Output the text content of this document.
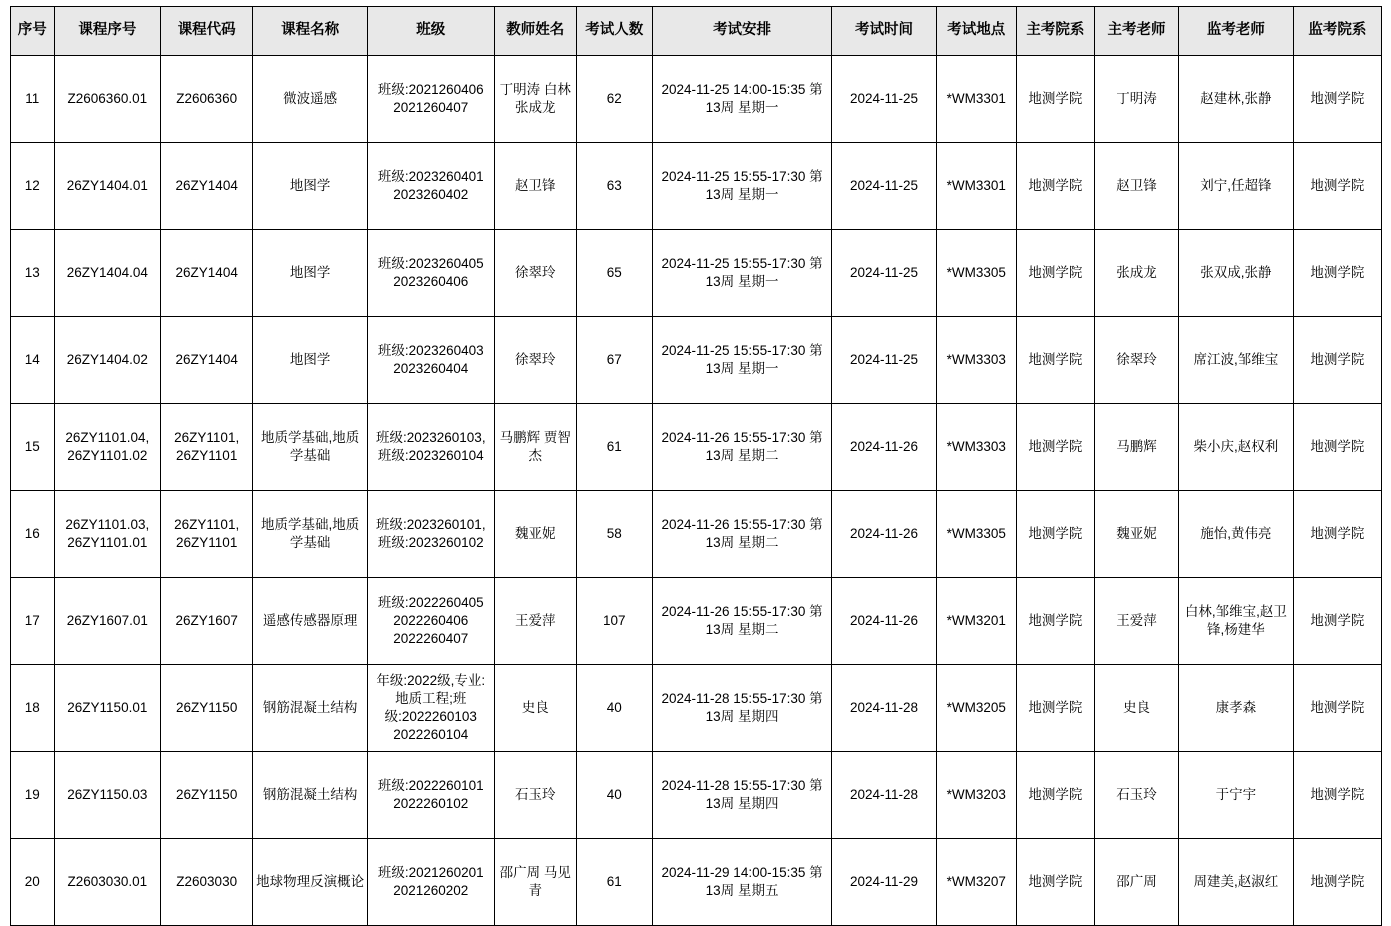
序号	课程序号	课程代码	课程名称	班级	教师姓名	考试人数	考试安排	考试时间	考试地点	主考院系	主考老师	监考老师	监考院系
11	Z2606360.01	Z2606360	微波遥感	班级:2021260406 2021260407	丁明涛 白林 张成龙	62	2024-11-25 14:00-15:35 第13周 星期一	2024-11-25	*WM3301	地测学院	丁明涛	赵建林,张静	地测学院
12	26ZY1404.01	26ZY1404	地图学	班级:2023260401 2023260402	赵卫锋	63	2024-11-25 15:55-17:30 第13周 星期一	2024-11-25	*WM3301	地测学院	赵卫锋	刘宁,任超锋	地测学院
13	26ZY1404.04	26ZY1404	地图学	班级:2023260405 2023260406	徐翠玲	65	2024-11-25 15:55-17:30 第13周 星期一	2024-11-25	*WM3305	地测学院	张成龙	张双成,张静	地测学院
14	26ZY1404.02	26ZY1404	地图学	班级:2023260403 2023260404	徐翠玲	67	2024-11-25 15:55-17:30 第13周 星期一	2024-11-25	*WM3303	地测学院	徐翠玲	席江波,邹维宝	地测学院
15	26ZY1101.04, 26ZY1101.02	26ZY1101, 26ZY1101	地质学基础,地质学基础	班级:2023260103,班级:2023260104	马鹏辉 贾智杰	61	2024-11-26 15:55-17:30 第13周 星期二	2024-11-26	*WM3303	地测学院	马鹏辉	柴小庆,赵权利	地测学院
16	26ZY1101.03, 26ZY1101.01	26ZY1101, 26ZY1101	地质学基础,地质学基础	班级:2023260101,班级:2023260102	魏亚妮	58	2024-11-26 15:55-17:30 第13周 星期二	2024-11-26	*WM3305	地测学院	魏亚妮	施怡,黄伟亮	地测学院
17	26ZY1607.01	26ZY1607	遥感传感器原理	班级:2022260405 2022260406 2022260407	王爱萍	107	2024-11-26 15:55-17:30 第13周 星期二	2024-11-26	*WM3201	地测学院	王爱萍	白林,邹维宝,赵卫锋,杨建华	地测学院
18	26ZY1150.01	26ZY1150	钢筋混凝土结构	年级:2022级,专业:地质工程;班级:2022260103 2022260104	史良	40	2024-11-28 15:55-17:30 第13周 星期四	2024-11-28	*WM3205	地测学院	史良	康孝森	地测学院
19	26ZY1150.03	26ZY1150	钢筋混凝土结构	班级:2022260101 2022260102	石玉玲	40	2024-11-28 15:55-17:30 第13周 星期四	2024-11-28	*WM3203	地测学院	石玉玲	于宁宇	地测学院
20	Z2603030.01	Z2603030	地球物理反演概论	班级:2021260201 2021260202	邵广周 马见青	61	2024-11-29 14:00-15:35 第13周 星期五	2024-11-29	*WM3207	地测学院	邵广周	周建美,赵淑红	地测学院
